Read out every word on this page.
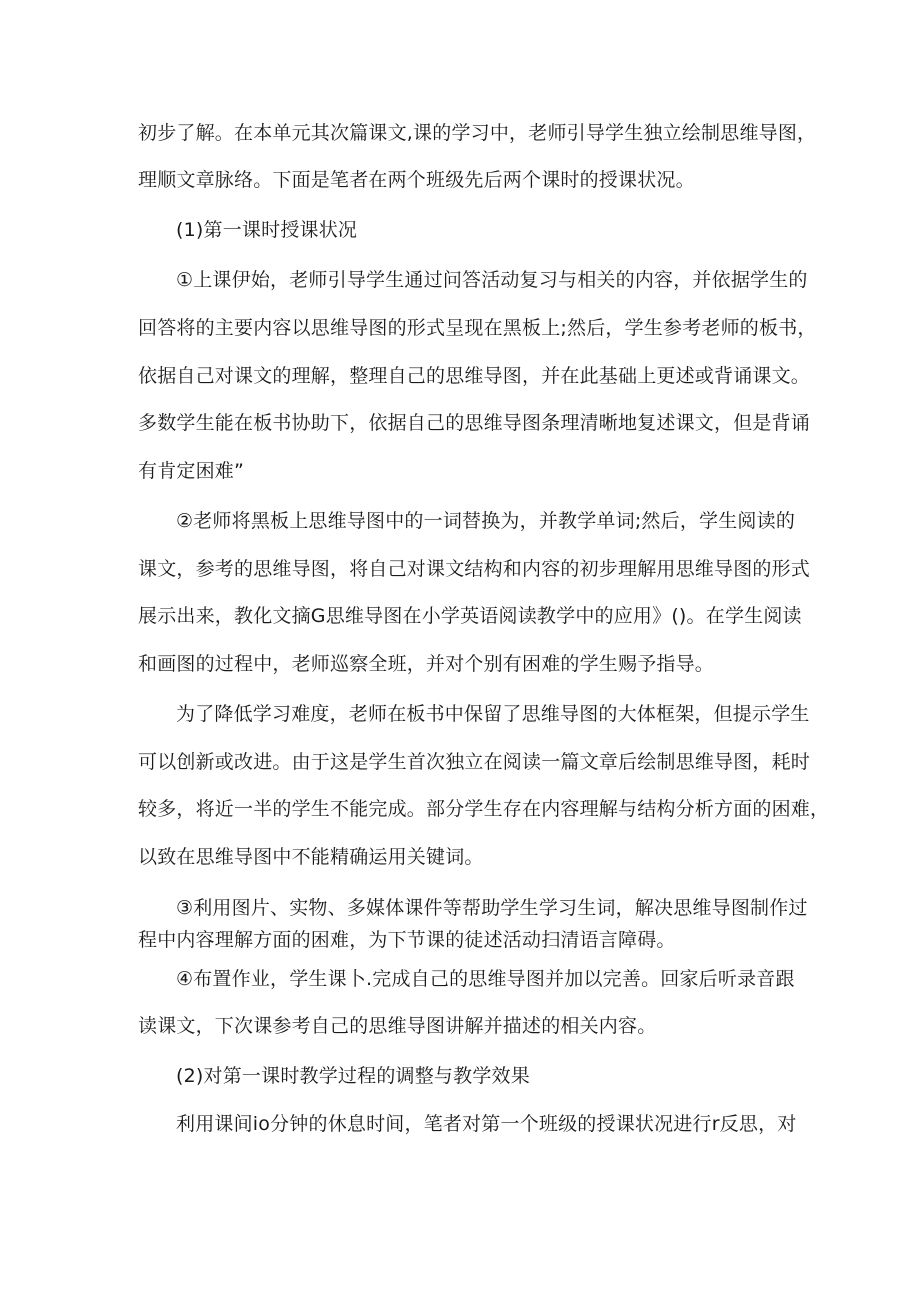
初步了解。在本单元其次篇课文,课的学习中，老师引导学生独立绘制思维导图，
理顺文章脉络。下面是笔者在两个班级先后两个课时的授课状况。
(1)第一课时授课状况
①上课伊始，老师引导学生通过问答活动复习与相关的内容，并依据学生的
回答将的主要内容以思维导图的形式呈现在黑板上;然后，学生参考老师的板书，
依据自己对课文的理解，整理自己的思维导图，并在此基础上更述或背诵课文。
多数学生能在板书协助下，依据自己的思维导图条理清晰地复述课文，但是背诵
有肯定困难”
②老师将黑板上思维导图中的一词替换为，并教学单词;然后，学生阅读的
课文，参考的思维导图，将自己对课文结构和内容的初步理解用思维导图的形式
展示出来，教化文摘G思维导图在小学英语阅读教学中的应用》()。在学生阅读
和画图的过程中，老师巡察全班，并对个别有困难的学生赐予指导。
为了降低学习难度，老师在板书中保留了思维导图的大体框架，但提示学生
可以创新或改进。由于这是学生首次独立在阅读一篇文章后绘制思维导图，耗时
较多，将近一半的学生不能完成。部分学生存在内容理解与结构分析方面的困难，
以致在思维导图中不能精确运用关键词。
③利用图片、实物、多媒体课件等帮助学生学习生词，解决思维导图制作过
程中内容理解方面的困难，为下节课的徒述活动扫清语言障碍。
④布置作业，学生课卜.完成自己的思维导图并加以完善。回家后听录音跟
读课文，下次课参考自己的思维导图讲解并描述的相关内容。
(2)对第一课时教学过程的调整与教学效果
利用课间io分钟的休息时间，笔者对第一个班级的授课状况进行r反思，对
